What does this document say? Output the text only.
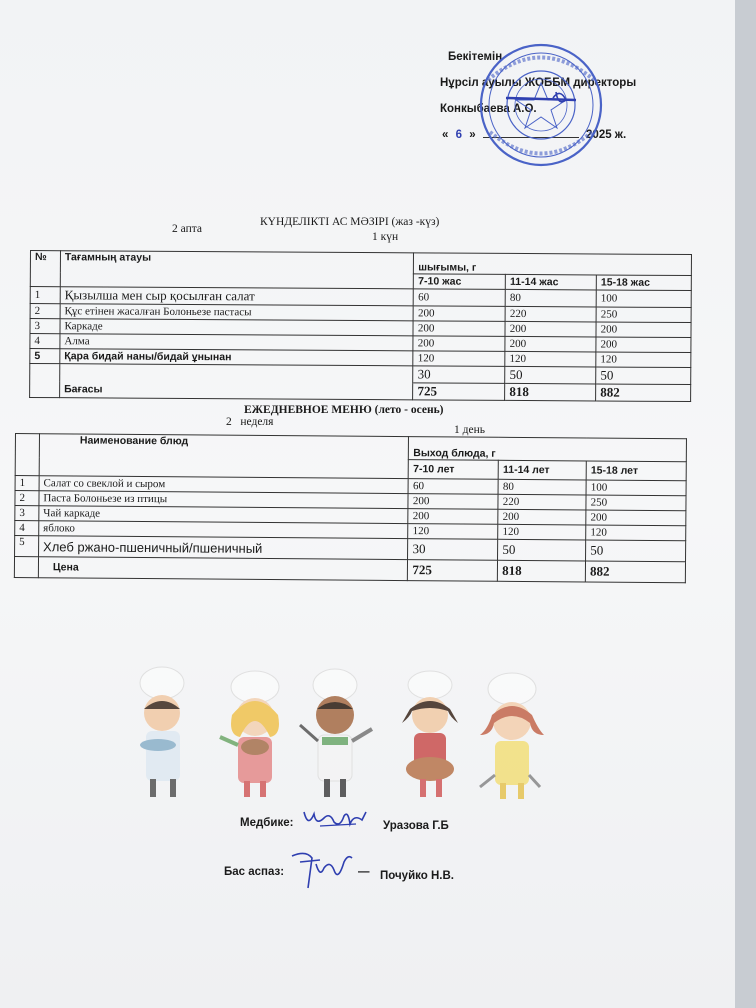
Бекітемін
Нұрсіл ауылы ЖОББМ директоры
Конкыбаева А.О.
« 6 »	2025 ж.
КҮНДЕЛІКТІ АС МӘЗІРІ (жаз -күз)
2 апта
1 күн
№	Тағамның атауы	шығымы, г		
		7-10 жас	11-14 жас	15-18 жас
1	Қызылша мен сыр қосылған салат	60	80	100
2	Құс етінен жасалған Болоньезе пастасы	200	220	250
3	Каркаде	200	200	200
4	Алма	200	200	200
5	Қара бидай наны/бидай ұнынан	120	120	120
		30	50	50
	Бағасы	725	818	882
ЕЖЕДНЕВНОЕ МЕНЮ (лето - осень)
2   неделя
1 день
	Наименование блюд	Выход блюда, г		
		7-10 лет	11-14 лет	15-18 лет
1	Салат со свеклой и сыром	60	80	100
2	Паста Болоньезе из птицы	200	220	250
3	Чай каркаде	200	200	200
4	яблоко	120	120	120
5	Хлеб ржано-пшеничный/пшеничный	30	50	50
	Цена	725	818	882
Медбике:	Уразова Г.Б
Бас аспаз:	— Почуйко Н.В.
